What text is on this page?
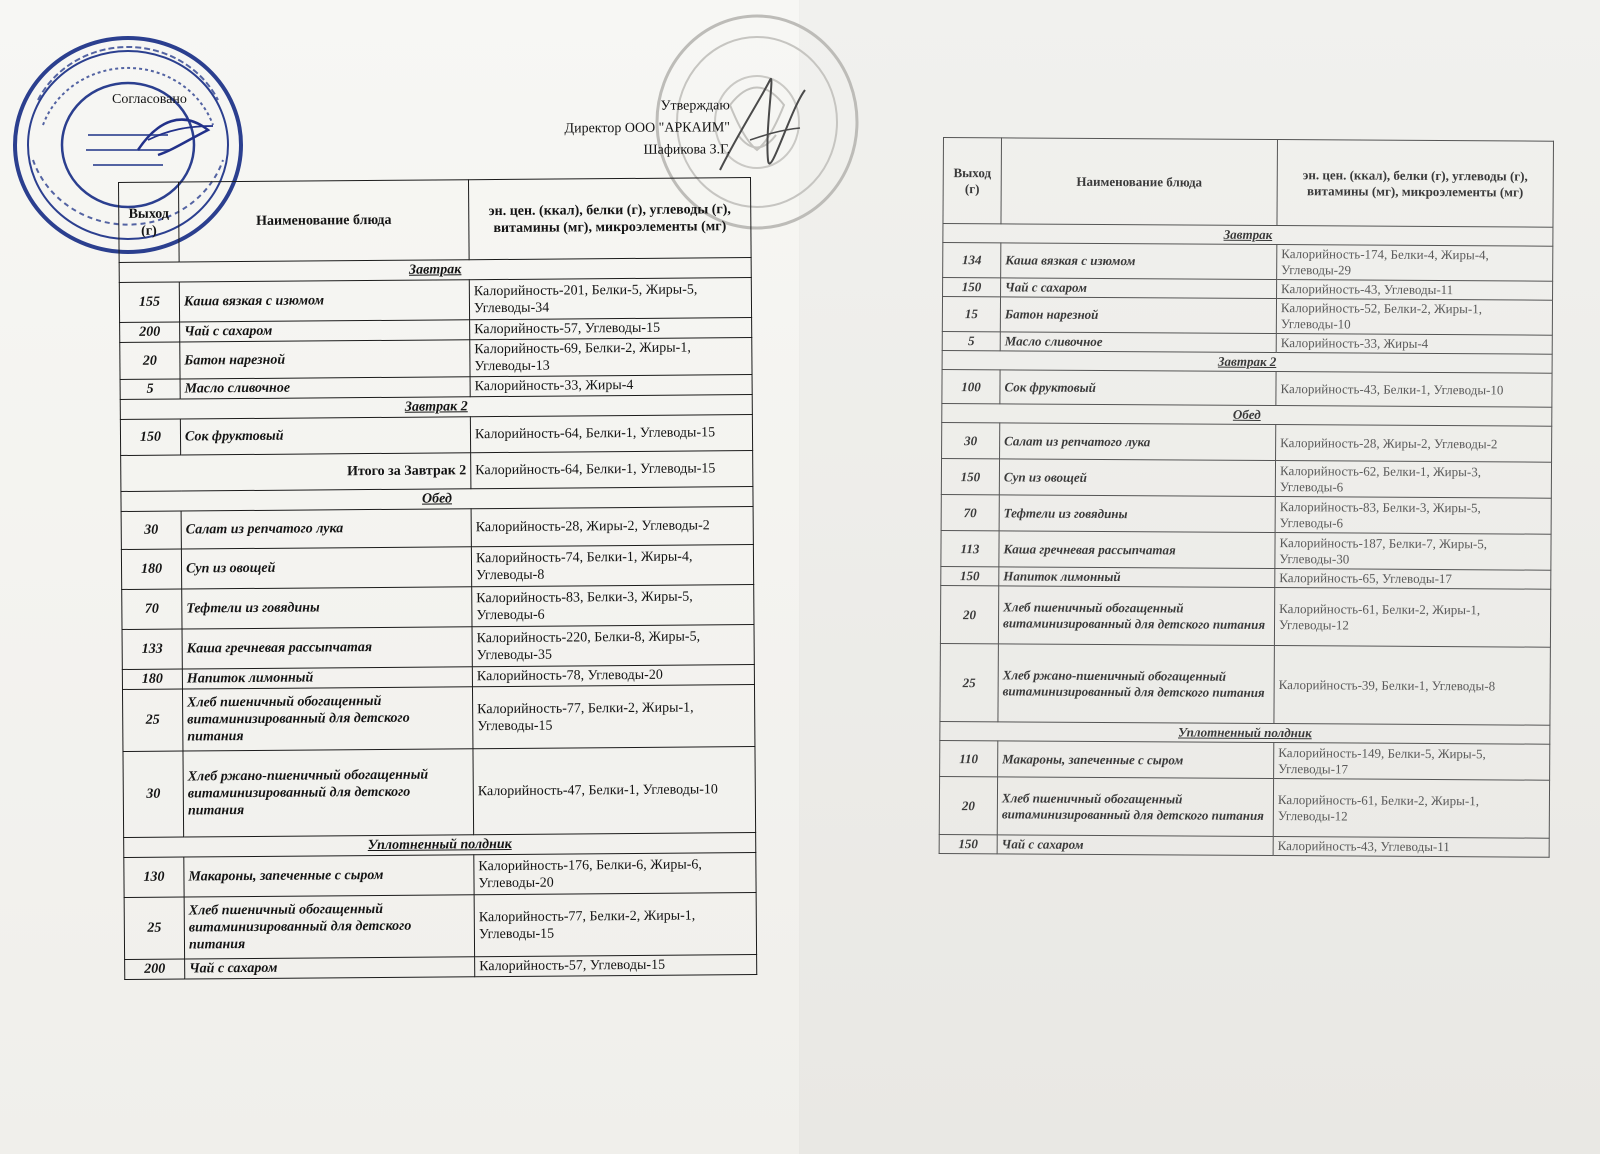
Согласовано	Утверждаю
Директор ООО "АРКАИМ"
Шафикова З.Г.
Выход (г)	Наименование блюда	эн. цен. (ккал), белки (г), углеводы (г), витамины (мг), микроэлементы (мг)
Завтрак		
155	Каша вязкая с изюмом	Калорийность-201, Белки-5, Жиры-5, Углеводы-34
200	Чай с сахаром	Калорийность-57, Углеводы-15
20	Батон нарезной	Калорийность-69, Белки-2, Жиры-1, Углеводы-13
5	Масло сливочное	Калорийность-33, Жиры-4
Завтрак 2		
150	Сок фруктовый	Калорийность-64, Белки-1, Углеводы-15
Итого за Завтрак 2		Калорийность-64, Белки-1, Углеводы-15
Обед		
30	Салат из репчатого лука	Калорийность-28, Жиры-2, Углеводы-2
180	Суп из овощей	Калорийность-74, Белки-1, Жиры-4, Углеводы-8
70	Тефтели из говядины	Калорийность-83, Белки-3, Жиры-5, Углеводы-6
133	Каша гречневая рассыпчатая	Калорийность-220, Белки-8, Жиры-5, Углеводы-35
180	Напиток лимонный	Калорийность-78, Углеводы-20
25	Хлеб пшеничный обогащенный витаминизированный для детского питания	Калорийность-77, Белки-2, Жиры-1, Углеводы-15
30	Хлеб ржано-пшеничный обогащенный витаминизированный для детского питания	Калорийность-47, Белки-1, Углеводы-10
Уплотненный полдник		
130	Макароны, запеченные с сыром	Калорийность-176, Белки-6, Жиры-6, Углеводы-20
25	Хлеб пшеничный обогащенный витаминизированный для детского питания	Калорийность-77, Белки-2, Жиры-1, Углеводы-15
200	Чай с сахаром	Калорийность-57, Углеводы-15
Выход (г)	Наименование блюда	эн. цен. (ккал), белки (г), углеводы (г), витамины (мг), микроэлементы (мг)
Завтрак		
134	Каша вязкая с изюмом	Калорийность-174, Белки-4, Жиры-4, Углеводы-29
150	Чай с сахаром	Калорийность-43, Углеводы-11
15	Батон нарезной	Калорийность-52, Белки-2, Жиры-1, Углеводы-10
5	Масло сливочное	Калорийность-33, Жиры-4
Завтрак 2		
100	Сок фруктовый	Калорийность-43, Белки-1, Углеводы-10
Обед		
30	Салат из репчатого лука	Калорийность-28, Жиры-2, Углеводы-2
150	Суп из овощей	Калорийность-62, Белки-1, Жиры-3, Углеводы-6
70	Тефтели из говядины	Калорийность-83, Белки-3, Жиры-5, Углеводы-6
113	Каша гречневая рассыпчатая	Калорийность-187, Белки-7, Жиры-5, Углеводы-30
150	Напиток лимонный	Калорийность-65, Углеводы-17
20	Хлеб пшеничный обогащенный витаминизированный для детского питания	Калорийность-61, Белки-2, Жиры-1, Углеводы-12
25	Хлеб ржано-пшеничный обогащенный витаминизированный для детского питания	Калорийность-39, Белки-1, Углеводы-8
Уплотненный полдник		
110	Макароны, запеченные с сыром	Калорийность-149, Белки-5, Жиры-5, Углеводы-17
20	Хлеб пшеничный обогащенный витаминизированный для детского питания	Калорийность-61, Белки-2, Жиры-1, Углеводы-12
150	Чай с сахаром	Калорийность-43, Углеводы-11
